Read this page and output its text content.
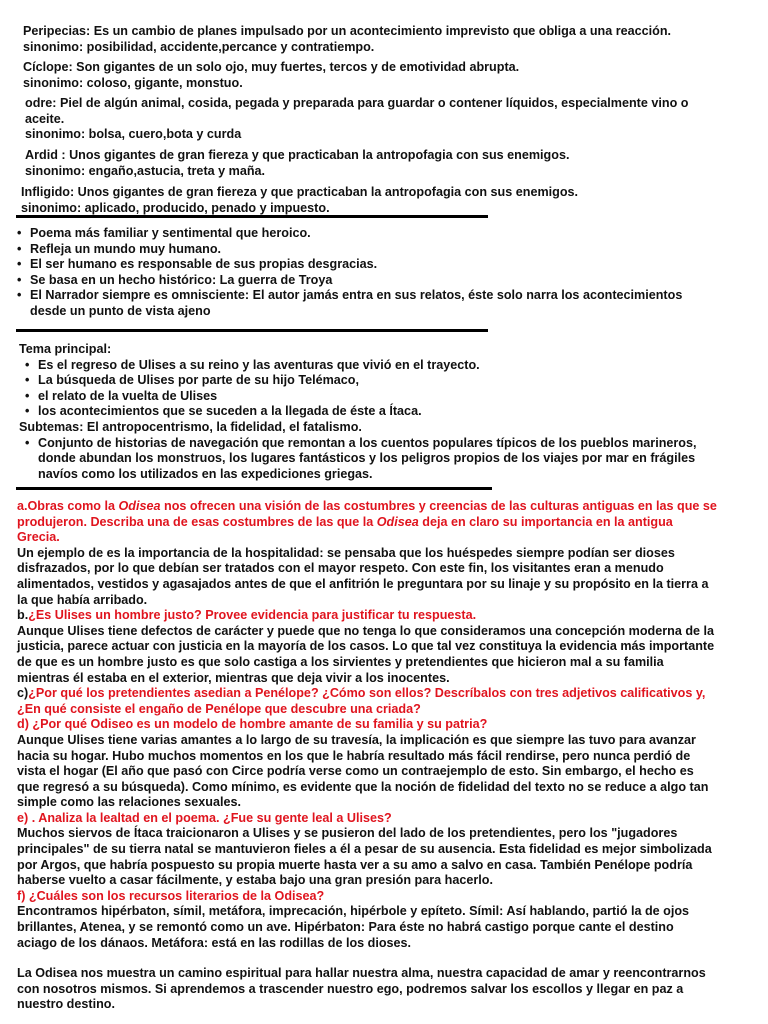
Peripecias: Es un cambio de planes impulsado por un acontecimiento imprevisto que obliga a una reacción.

sinonimo: posibilidad, accidente,percance y contratiempo.

Cíclope: Son gigantes de un solo ojo, muy fuertes, tercos y de emotividad abrupta.

sinonimo: coloso, gigante, monstuo.

odre: Piel de algún animal, cosida, pegada y preparada para guardar o contener líquidos, especialmente vino o aceite.

sinonimo: bolsa, cuero,bota y curda

Ardid : Unos gigantes de gran fiereza y que practicaban la antropofagia con sus enemigos.

sinonimo: engaño,astucia, treta y maña.

Infligido: Unos gigantes de gran fiereza y que practicaban la antropofagia con sus enemigos.

sinonimo: aplicado, producido, penado y impuesto.

• Poema más familiar y sentimental que heroico.
• Refleja un mundo muy humano.
• El ser humano es responsable de sus propias desgracias.
• Se basa en un hecho histórico: La guerra de Troya
• El Narrador siempre es omnisciente: El autor jamás entra en sus relatos, éste solo narra los acontecimientos desde un punto de vista ajeno

Tema principal:

• Es el regreso de Ulises a su reino y las aventuras que vivió en el trayecto.
• La búsqueda de Ulises por parte de su hijo Telémaco,
• el relato de la vuelta de Ulises
• los acontecimientos que se suceden a la llegada de éste a Ítaca.

Subtemas: El antropocentrismo, la fidelidad, el fatalismo.

• Conjunto de historias de navegación que remontan a los cuentos populares típicos de los pueblos marineros, donde abundan los monstruos, los lugares fantásticos y los peligros propios de los viajes por mar en frágiles navíos como los utilizados en las expediciones griegas.

a.Obras como la Odisea nos ofrecen una visión de las costumbres y creencias de las culturas antiguas en las que se produjeron. Describa una de esas costumbres de las que la Odisea deja en claro su importancia en la antigua Grecia.

Un ejemplo de es la importancia de la hospitalidad: se pensaba que los huéspedes siempre podían ser dioses disfrazados, por lo que debían ser tratados con el mayor respeto. Con este fin, los visitantes eran a menudo alimentados, vestidos y agasajados antes de que el anfitrión le preguntara por su linaje y su propósito en la tierra a la que había arribado.

b.¿Es Ulises un hombre justo? Provee evidencia para justificar tu respuesta.

Aunque Ulises tiene defectos de carácter y puede que no tenga lo que consideramos una concepción moderna de la justicia, parece actuar con justicia en la mayoría de los casos. Lo que tal vez constituya la evidencia más importante de que es un hombre justo es que solo castiga a los sirvientes y pretendientes que hicieron mal a su familia mientras él estaba en el exterior, mientras que deja vivir a los inocentes.

c)¿Por qué los pretendientes asedian a Penélope? ¿Cómo son ellos? Descríbalos con tres adjetivos calificativos y, ¿En qué consiste el engaño de Penélope que descubre una criada?

d) ¿Por qué Odiseo es un modelo de hombre amante de su familia y su patria?

Aunque Ulises tiene varias amantes a lo largo de su travesía, la implicación es que siempre las tuvo para avanzar hacia su hogar. Hubo muchos momentos en los que le habría resultado más fácil rendirse, pero nunca perdió de vista el hogar (El año que pasó con Circe podría verse como un contraejemplo de esto. Sin embargo, el hecho es que regresó a su búsqueda). Como mínimo, es evidente que la noción de fidelidad del texto no se reduce a algo tan simple como las relaciones sexuales.

e) . Analiza la lealtad en el poema. ¿Fue su gente leal a Ulises?

Muchos siervos de Ítaca traicionaron a Ulises y se pusieron del lado de los pretendientes, pero los "jugadores principales" de su tierra natal se mantuvieron fieles a él a pesar de su ausencia. Esta fidelidad es mejor simbolizada por Argos, que habría pospuesto su propia muerte hasta ver a su amo a salvo en casa. También Penélope podría haberse vuelto a casar fácilmente, y estaba bajo una gran presión para hacerlo.

f) ¿Cuáles son los recursos literarios de la Odisea?

Encontramos hipérbaton, símil, metáfora, imprecación, hipérbole y epíteto. Símil: Así hablando, partió la de ojos brillantes, Atenea, y se remontó como un ave. Hipérbaton: Para éste no habrá castigo porque cante el destino aciago de los dánaos. Metáfora: está en las rodillas de los dioses.

La Odisea nos muestra un camino espiritual para hallar nuestra alma, nuestra capacidad de amar y reencontrarnos con nosotros mismos. Si aprendemos a trascender nuestro ego, podremos salvar los escollos y llegar en paz a nuestro destino.
